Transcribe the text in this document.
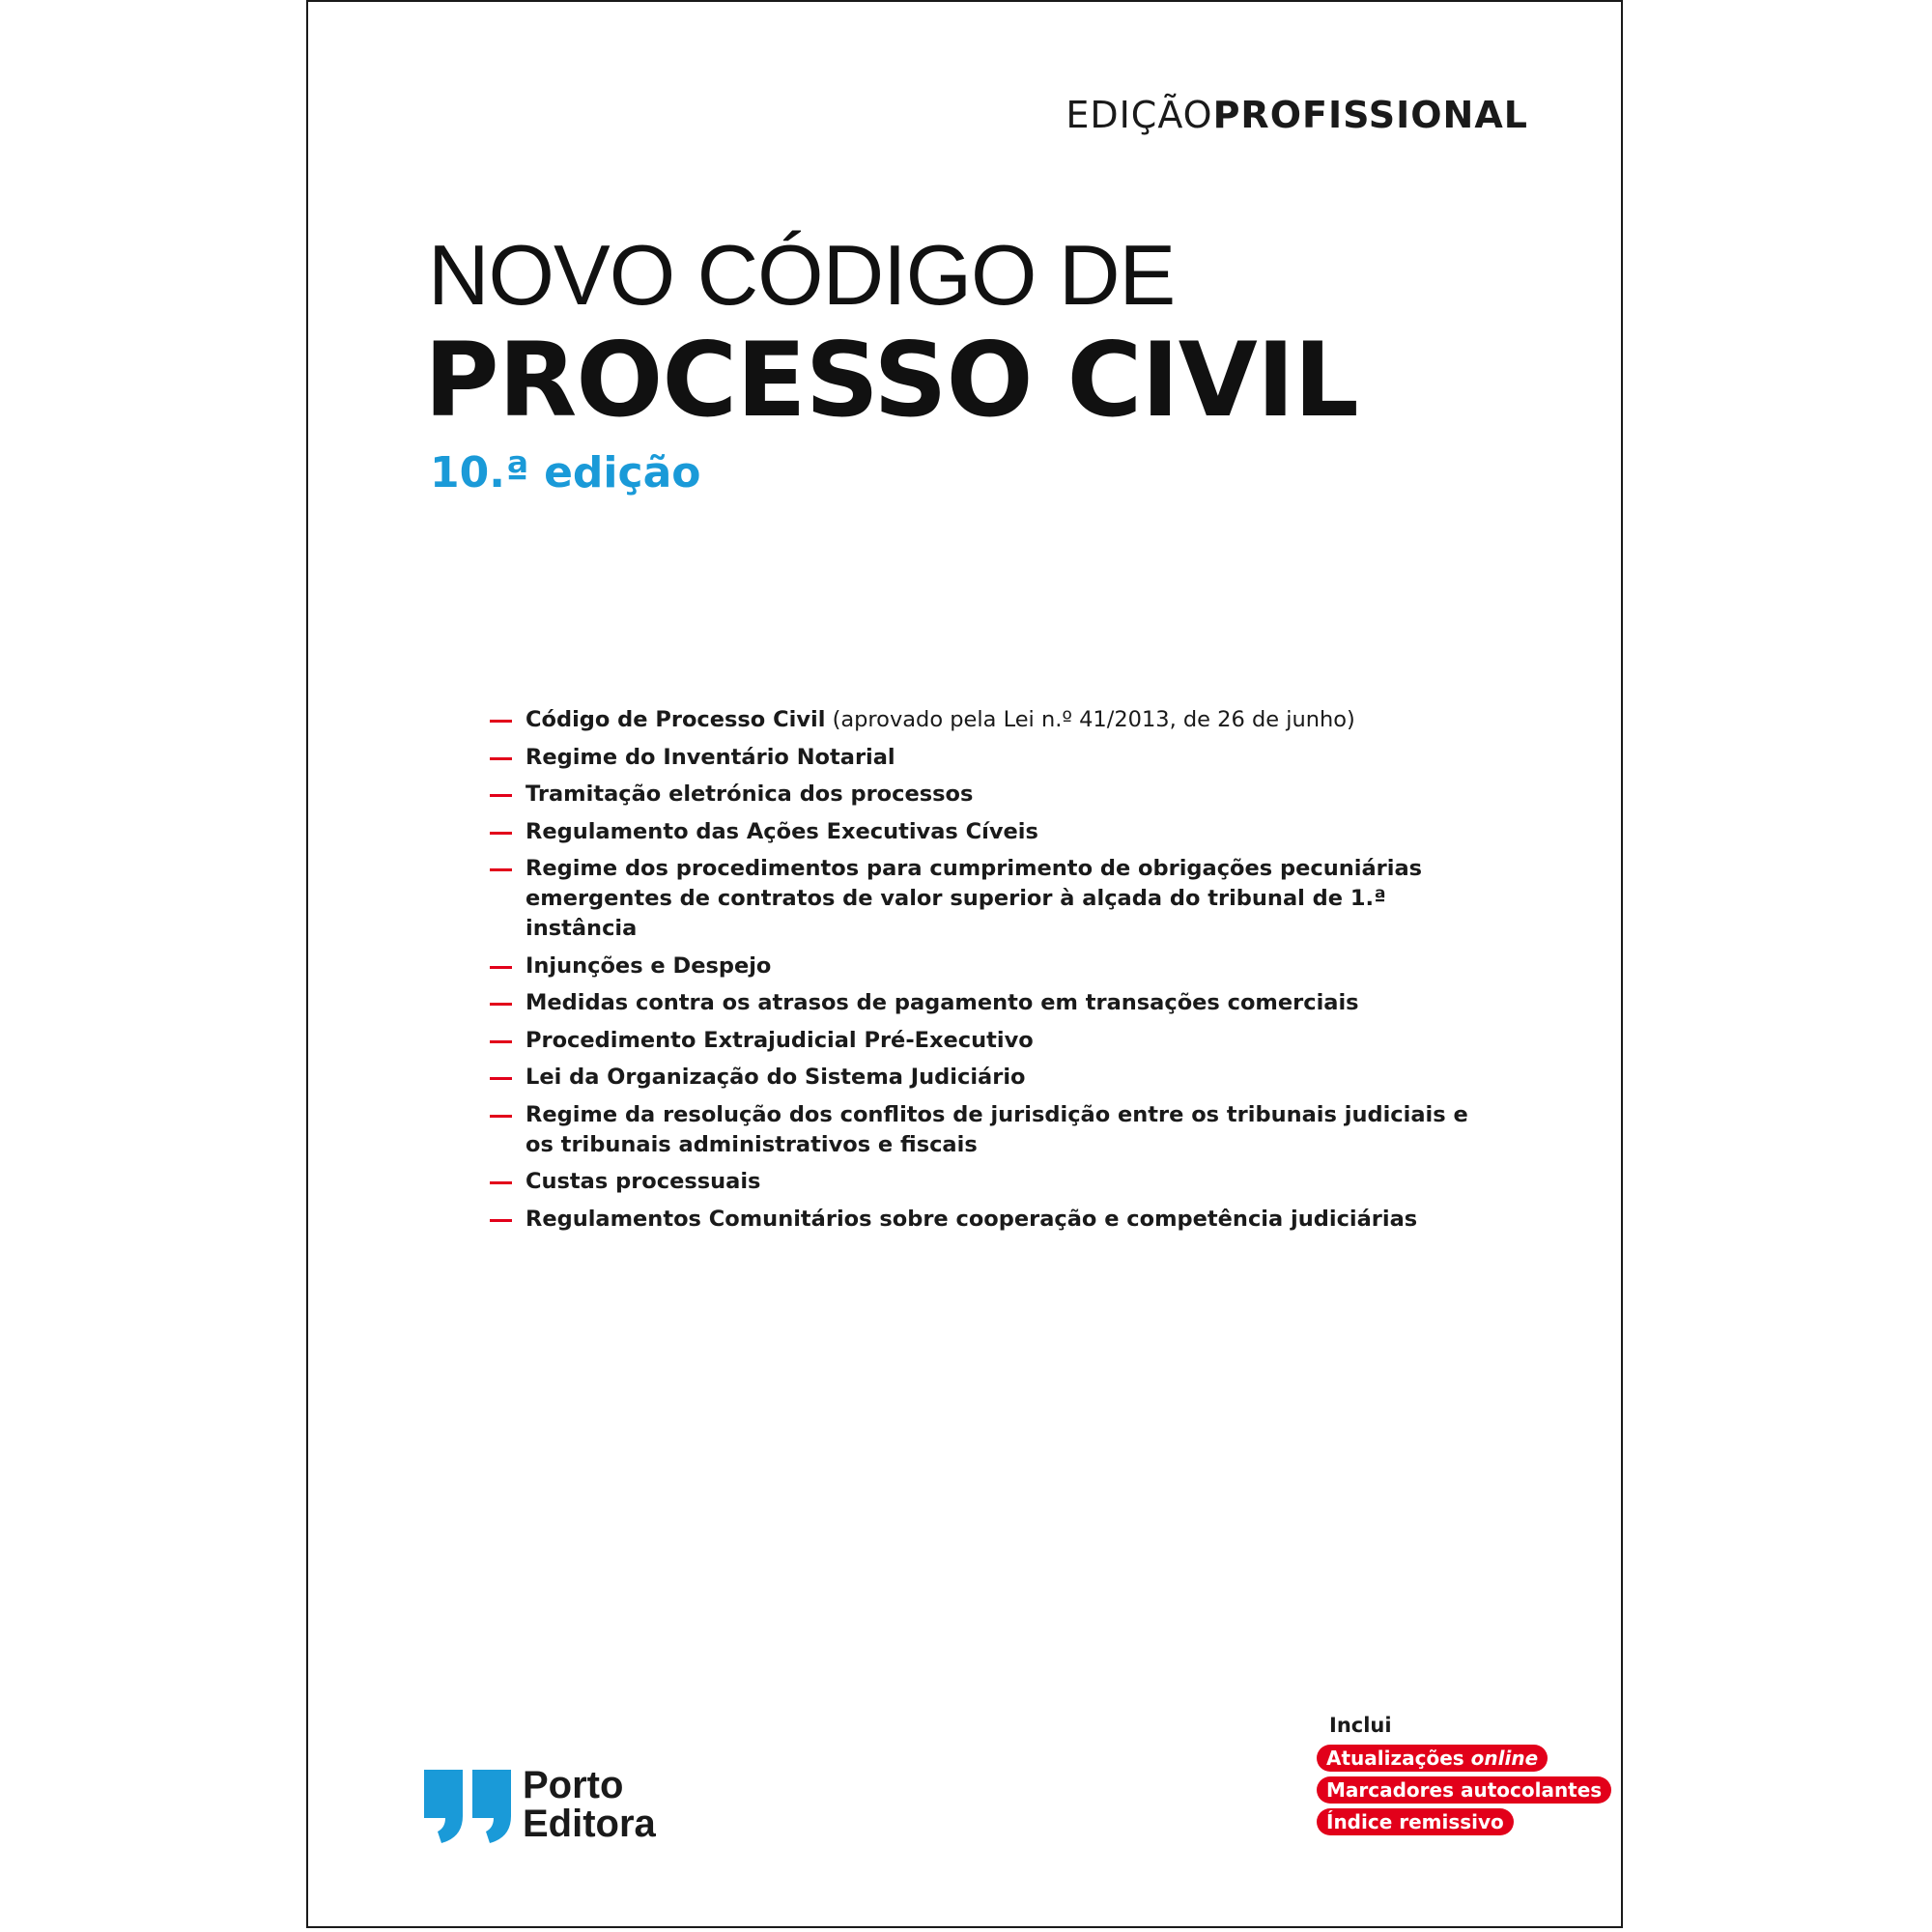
EDIÇÃOPROFISSIONAL
NOVO CÓDIGO DE
PROCESSO CIVIL
10.ª edição
Código de Processo Civil (aprovado pela Lei n.º 41/2013, de 26 de junho)
Regime do Inventário Notarial
Tramitação eletrónica dos processos
Regulamento das Ações Executivas Cíveis
Regime dos procedimentos para cumprimento de obrigações pecuniárias emergentes de contratos de valor superior à alçada do tribunal de 1.ª instância
Injunções e Despejo
Medidas contra os atrasos de pagamento em transações comerciais
Procedimento Extrajudicial Pré-Executivo
Lei da Organização do Sistema Judiciário
Regime da resolução dos conflitos de jurisdição entre os tribunais judiciais e os tribunais administrativos e fiscais
Custas processuais
Regulamentos Comunitários sobre cooperação e competência judiciárias
Porto
Editora
Inclui
Atualizações online
Marcadores autocolantes
Índice remissivo
